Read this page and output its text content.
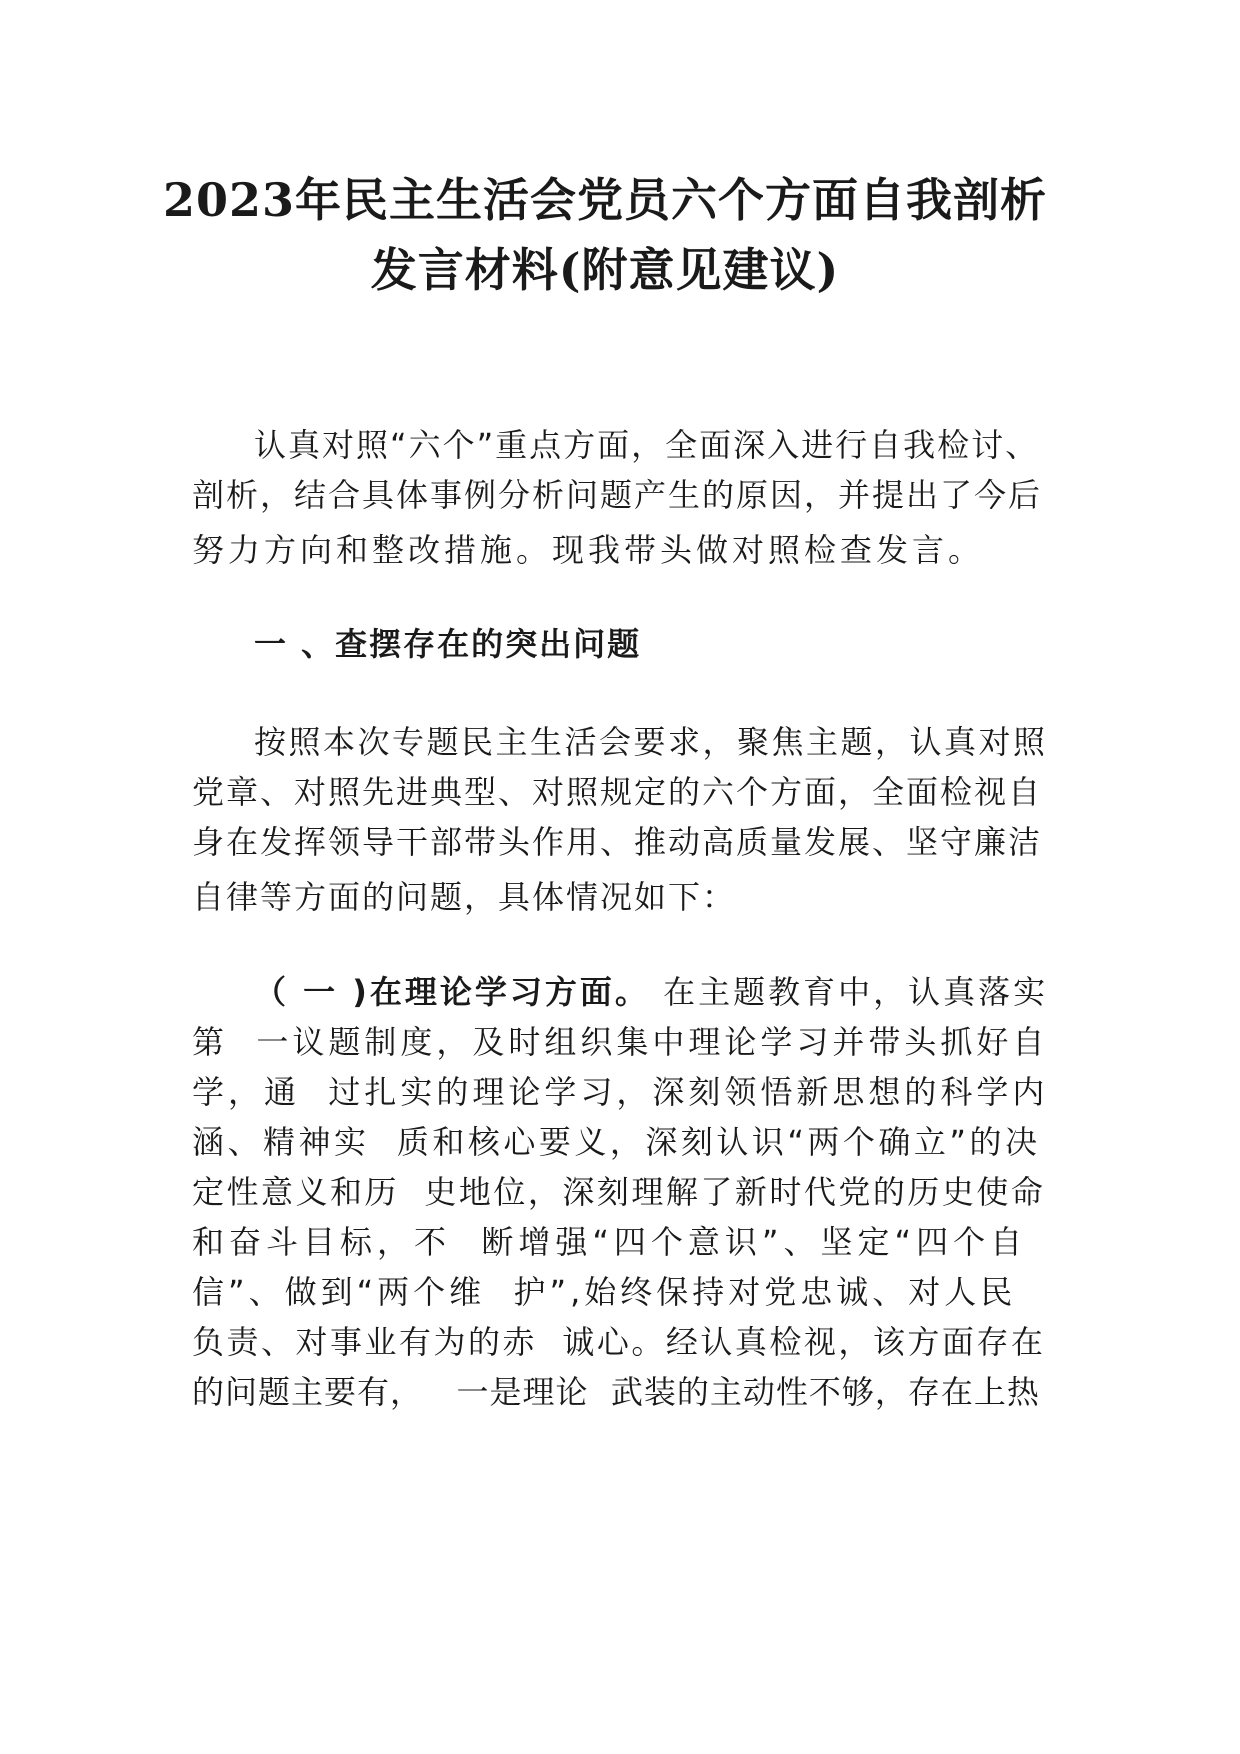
2023年民主生活会党员六个方面自我剖析
发言材料(附意见建议)

认真对照“六个”重点方面，全面深入进行自我检讨、

剖析，结合具体事例分析问题产生的原因，并提出了今后

努力方向和整改措施。现我带头做对照检查发言。

一 、查摆存在的突出问题

按照本次专题民主生活会要求，聚焦主题，认真对照

党章、对照先进典型、对照规定的六个方面，全面检视自

身在发挥领导干部带头作用、推动高质量发展、坚守廉洁

自律等方面的问题，具体情况如下：

（ 一 )在理论学习方面。 在主题教育中，认真落实

第  一议题制度，及时组织集中理论学习并带头抓好自

学，通  过扎实的理论学习，深刻领悟新思想的科学内

涵、精神实  质和核心要义，深刻认识“两个确立”的决

定性意义和历  史地位，深刻理解了新时代党的历史使命

和奋斗目标，不  断增强“四个意识”、坚定“四个自

信”、做到“两个维  护”,始终保持对党忠诚、对人民

负责、对事业有为的赤  诚心。经认真检视，该方面存在

的问题主要有，   一是理论  武装的主动性不够，存在上热
